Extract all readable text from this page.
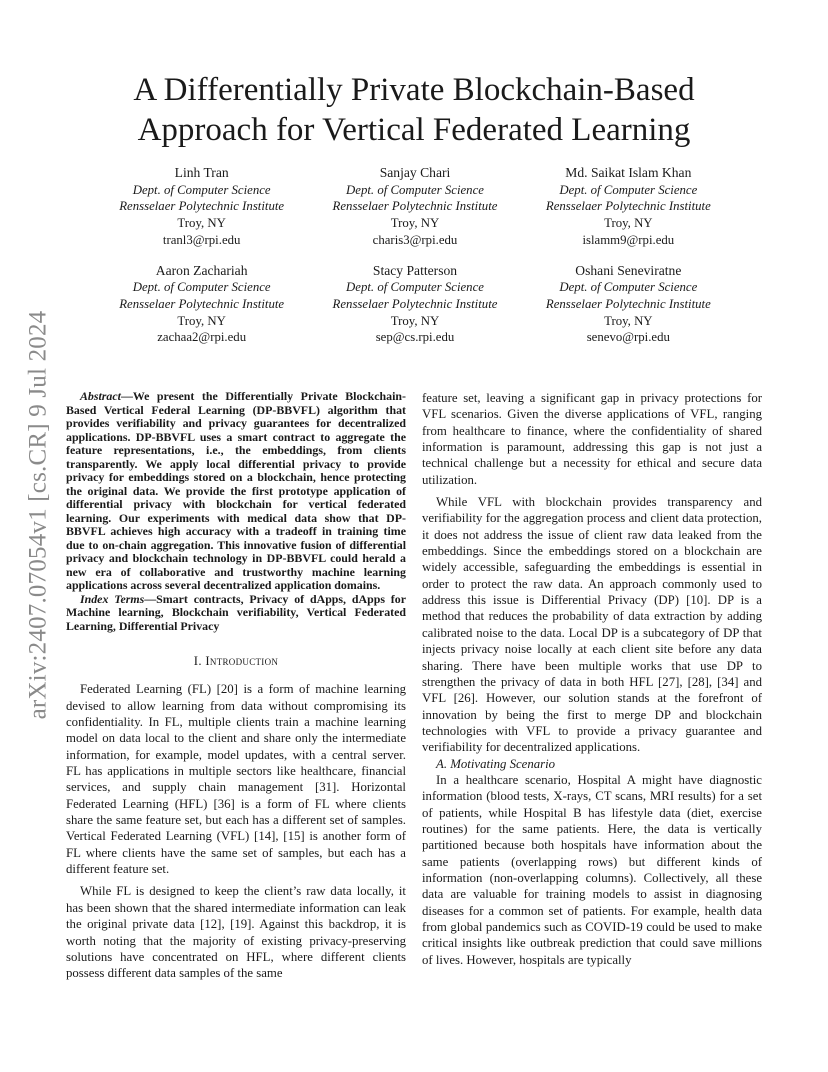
arXiv:2407.07054v1 [cs.CR] 9 Jul 2024
A Differentially Private Blockchain-Based
Approach for Vertical Federated Learning
Linh Tran
Dept. of Computer Science
Rensselaer Polytechnic Institute
Troy, NY
tranl3@rpi.edu
Sanjay Chari
Dept. of Computer Science
Rensselaer Polytechnic Institute
Troy, NY
charis3@rpi.edu
Md. Saikat Islam Khan
Dept. of Computer Science
Rensselaer Polytechnic Institute
Troy, NY
islamm9@rpi.edu
Aaron Zachariah
Dept. of Computer Science
Rensselaer Polytechnic Institute
Troy, NY
zachaa2@rpi.edu
Stacy Patterson
Dept. of Computer Science
Rensselaer Polytechnic Institute
Troy, NY
sep@cs.rpi.edu
Oshani Seneviratne
Dept. of Computer Science
Rensselaer Polytechnic Institute
Troy, NY
senevo@rpi.edu

Abstract—We present the Differentially Private Blockchain-Based Vertical Federal Learning (DP-BBVFL) algorithm that provides verifiability and privacy guarantees for decentralized applications. DP-BBVFL uses a smart contract to aggregate the feature representations, i.e., the embeddings, from clients transparently. We apply local differential privacy to provide privacy for embeddings stored on a blockchain, hence protecting the original data. We provide the first prototype application of differential privacy with blockchain for vertical federated learning. Our experiments with medical data show that DP-BBVFL achieves high accuracy with a tradeoff in training time due to on-chain aggregation. This innovative fusion of differential privacy and blockchain technology in DP-BBVFL could herald a new era of collaborative and trustworthy machine learning applications across several decentralized application domains.

Index Terms—Smart contracts, Privacy of dApps, dApps for Machine learning, Blockchain verifiability, Vertical Federated Learning, Differential Privacy

I. Introduction

Federated Learning (FL) [20] is a form of machine learning devised to allow learning from data without compromising its confidentiality. In FL, multiple clients train a machine learning model on data local to the client and share only the intermediate information, for example, model updates, with a central server. FL has applications in multiple sectors like healthcare, financial services, and supply chain management [31]. Horizontal Federated Learning (HFL) [36] is a form of FL where clients share the same feature set, but each has a different set of samples. Vertical Federated Learning (VFL) [14], [15] is another form of FL where clients have the same set of samples, but each has a different feature set.

While FL is designed to keep the client’s raw data locally, it has been shown that the shared intermediate information can leak the original private data [12], [19]. Against this backdrop, it is worth noting that the majority of existing privacy-preserving solutions have concentrated on HFL, where different clients possess different data samples of the same

feature set, leaving a significant gap in privacy protections for VFL scenarios. Given the diverse applications of VFL, ranging from healthcare to finance, where the confidentiality of shared information is paramount, addressing this gap is not just a technical challenge but a necessity for ethical and secure data utilization.

While VFL with blockchain provides transparency and verifiability for the aggregation process and client data protection, it does not address the issue of client raw data leaked from the embeddings. Since the embeddings stored on a blockchain are widely accessible, safeguarding the embeddings is essential in order to protect the raw data. An approach commonly used to address this issue is Differential Privacy (DP) [10]. DP is a method that reduces the probability of data extraction by adding calibrated noise to the data. Local DP is a subcategory of DP that injects privacy noise locally at each client site before any data sharing. There have been multiple works that use DP to strengthen the privacy of data in both HFL [27], [28], [34] and VFL [26]. However, our solution stands at the forefront of innovation by being the first to merge DP and blockchain technologies with VFL to provide a privacy guarantee and verifiability for decentralized applications.

A. Motivating Scenario

In a healthcare scenario, Hospital A might have diagnostic information (blood tests, X-rays, CT scans, MRI results) for a set of patients, while Hospital B has lifestyle data (diet, exercise routines) for the same patients. Here, the data is vertically partitioned because both hospitals have information about the same patients (overlapping rows) but different kinds of information (non-overlapping columns). Collectively, all these data are valuable for training models to assist in diagnosing diseases for a common set of patients. For example, health data from global pandemics such as COVID-19 could be used to make critical insights like outbreak prediction that could save millions of lives. However, hospitals are typically
